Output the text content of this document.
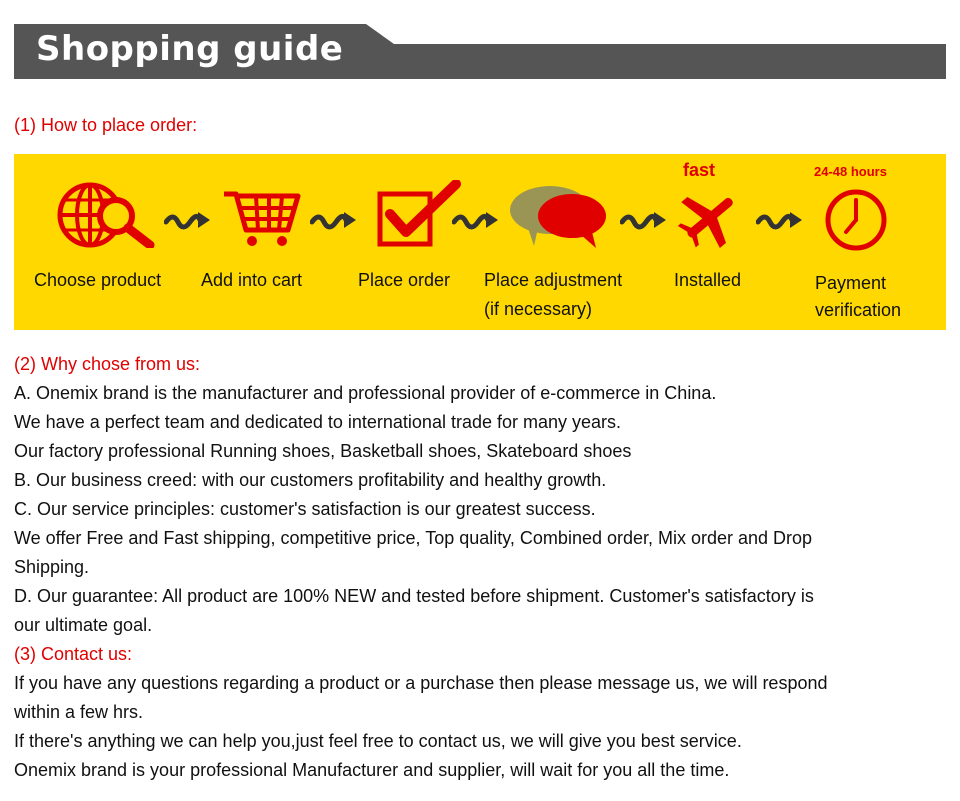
Shopping guide
(1) How to place order:
fast	24-48 hours
Choose product Add into cart	Place order Place adjustment
(if necessary)
Installed	Payment
verification
(2) Why chose from us:
A. Onemix brand is the manufacturer and professional provider of e-commerce in China.
We have a perfect team and dedicated to international trade for many years.
Our factory professional Running shoes, Basketball shoes, Skateboard shoes
B. Our business creed: with our customers profitability and healthy growth.
C. Our service principles: customer's satisfaction is our greatest success.
We offer Free and Fast shipping, competitive price, Top quality, Combined order, Mix order and Drop
Shipping.
D. Our guarantee: All product are 100% NEW and tested before shipment. Customer's satisfactory is
our ultimate goal.
(3) Contact us:
If you have any questions regarding a product or a purchase then please message us, we will respond
within a few hrs.
If there's anything we can help you,just feel free to contact us, we will give you best service.
Onemix brand is your professional Manufacturer and supplier, will wait for you all the time.
